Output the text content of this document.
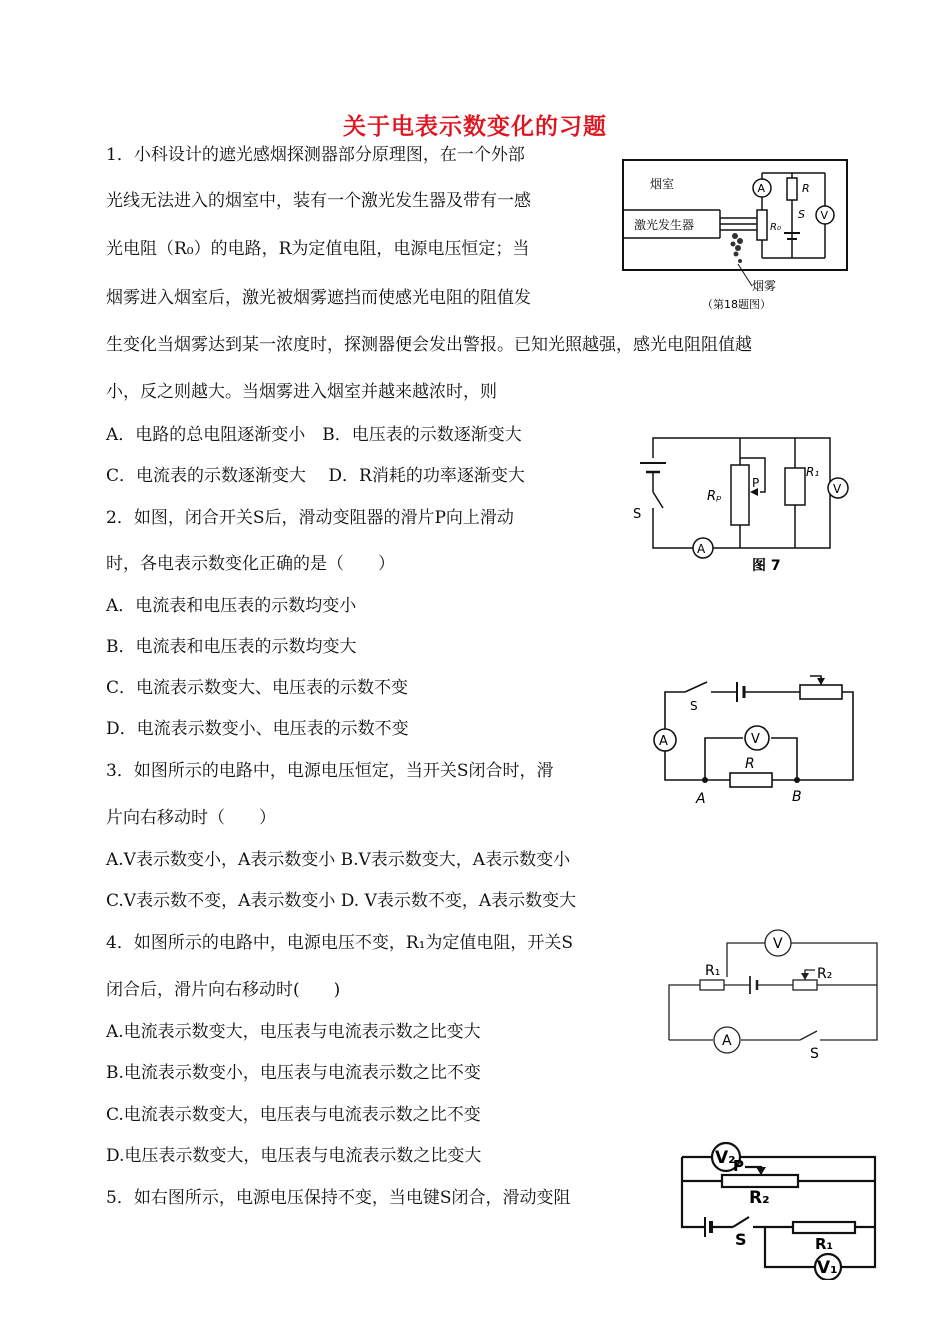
关于电表示数变化的习题
1．小科设计的遮光感烟探测器部分原理图，在一个外部
光线无法进入的烟室中，装有一个激光发生器及带有一感
光电阻（R₀）的电路，R为定值电阻，电源电压恒定；当
烟雾进入烟室后，激光被烟雾遮挡而使感光电阻的阻值发
生变化当烟雾达到某一浓度时，探测器便会发出警报。已知光照越强，感光电阻阻值越
小，反之则越大。当烟雾进入烟室并越来越浓时，则
A．电路的总电阻逐渐变小　B．电压表的示数逐渐变大
C．电流表的示数逐渐变大　 D．R消耗的功率逐渐变大
2．如图，闭合开关S后，滑动变阻器的滑片P向上滑动
时，各电表示数变化正确的是（　　）
A．电流表和电压表的示数均变小
B．电流表和电压表的示数均变大
C．电流表示数变大、电压表的示数不变
D．电流表示数变小、电压表的示数不变
3．如图所示的电路中，电源电压恒定，当开关S闭合时，滑
片向右移动时（　　）
A.V表示数变小，A表示数变小 B.V表示数变大，A表示数变小
C.V表示数不变，A表示数变小 D. V表示数不变，A表示数变大
4．如图所示的电路中，电源电压不变，R₁为定值电阻，开关S
闭合后，滑片向右移动时(　　)
A.电流表示数变大，电压表与电流表示数之比变大
B.电流表示数变小，电压表与电流表示数之比不变
C.电流表示数变大，电压表与电流表示数之比不变
D.电压表示数变大，电压表与电流表示数之比变大
5．如右图所示，电源电压保持不变，当电键S闭合，滑动变阻
烟室
激光发生器
A
R₀
R
S V
烟雾
（第18题图）
Rₚ
P
R₁
V
A
S
图 7
S
A	V
R
A	B
R₁	R₂
V
A
S
V₂
P
R₂
S	R₁
V₁
